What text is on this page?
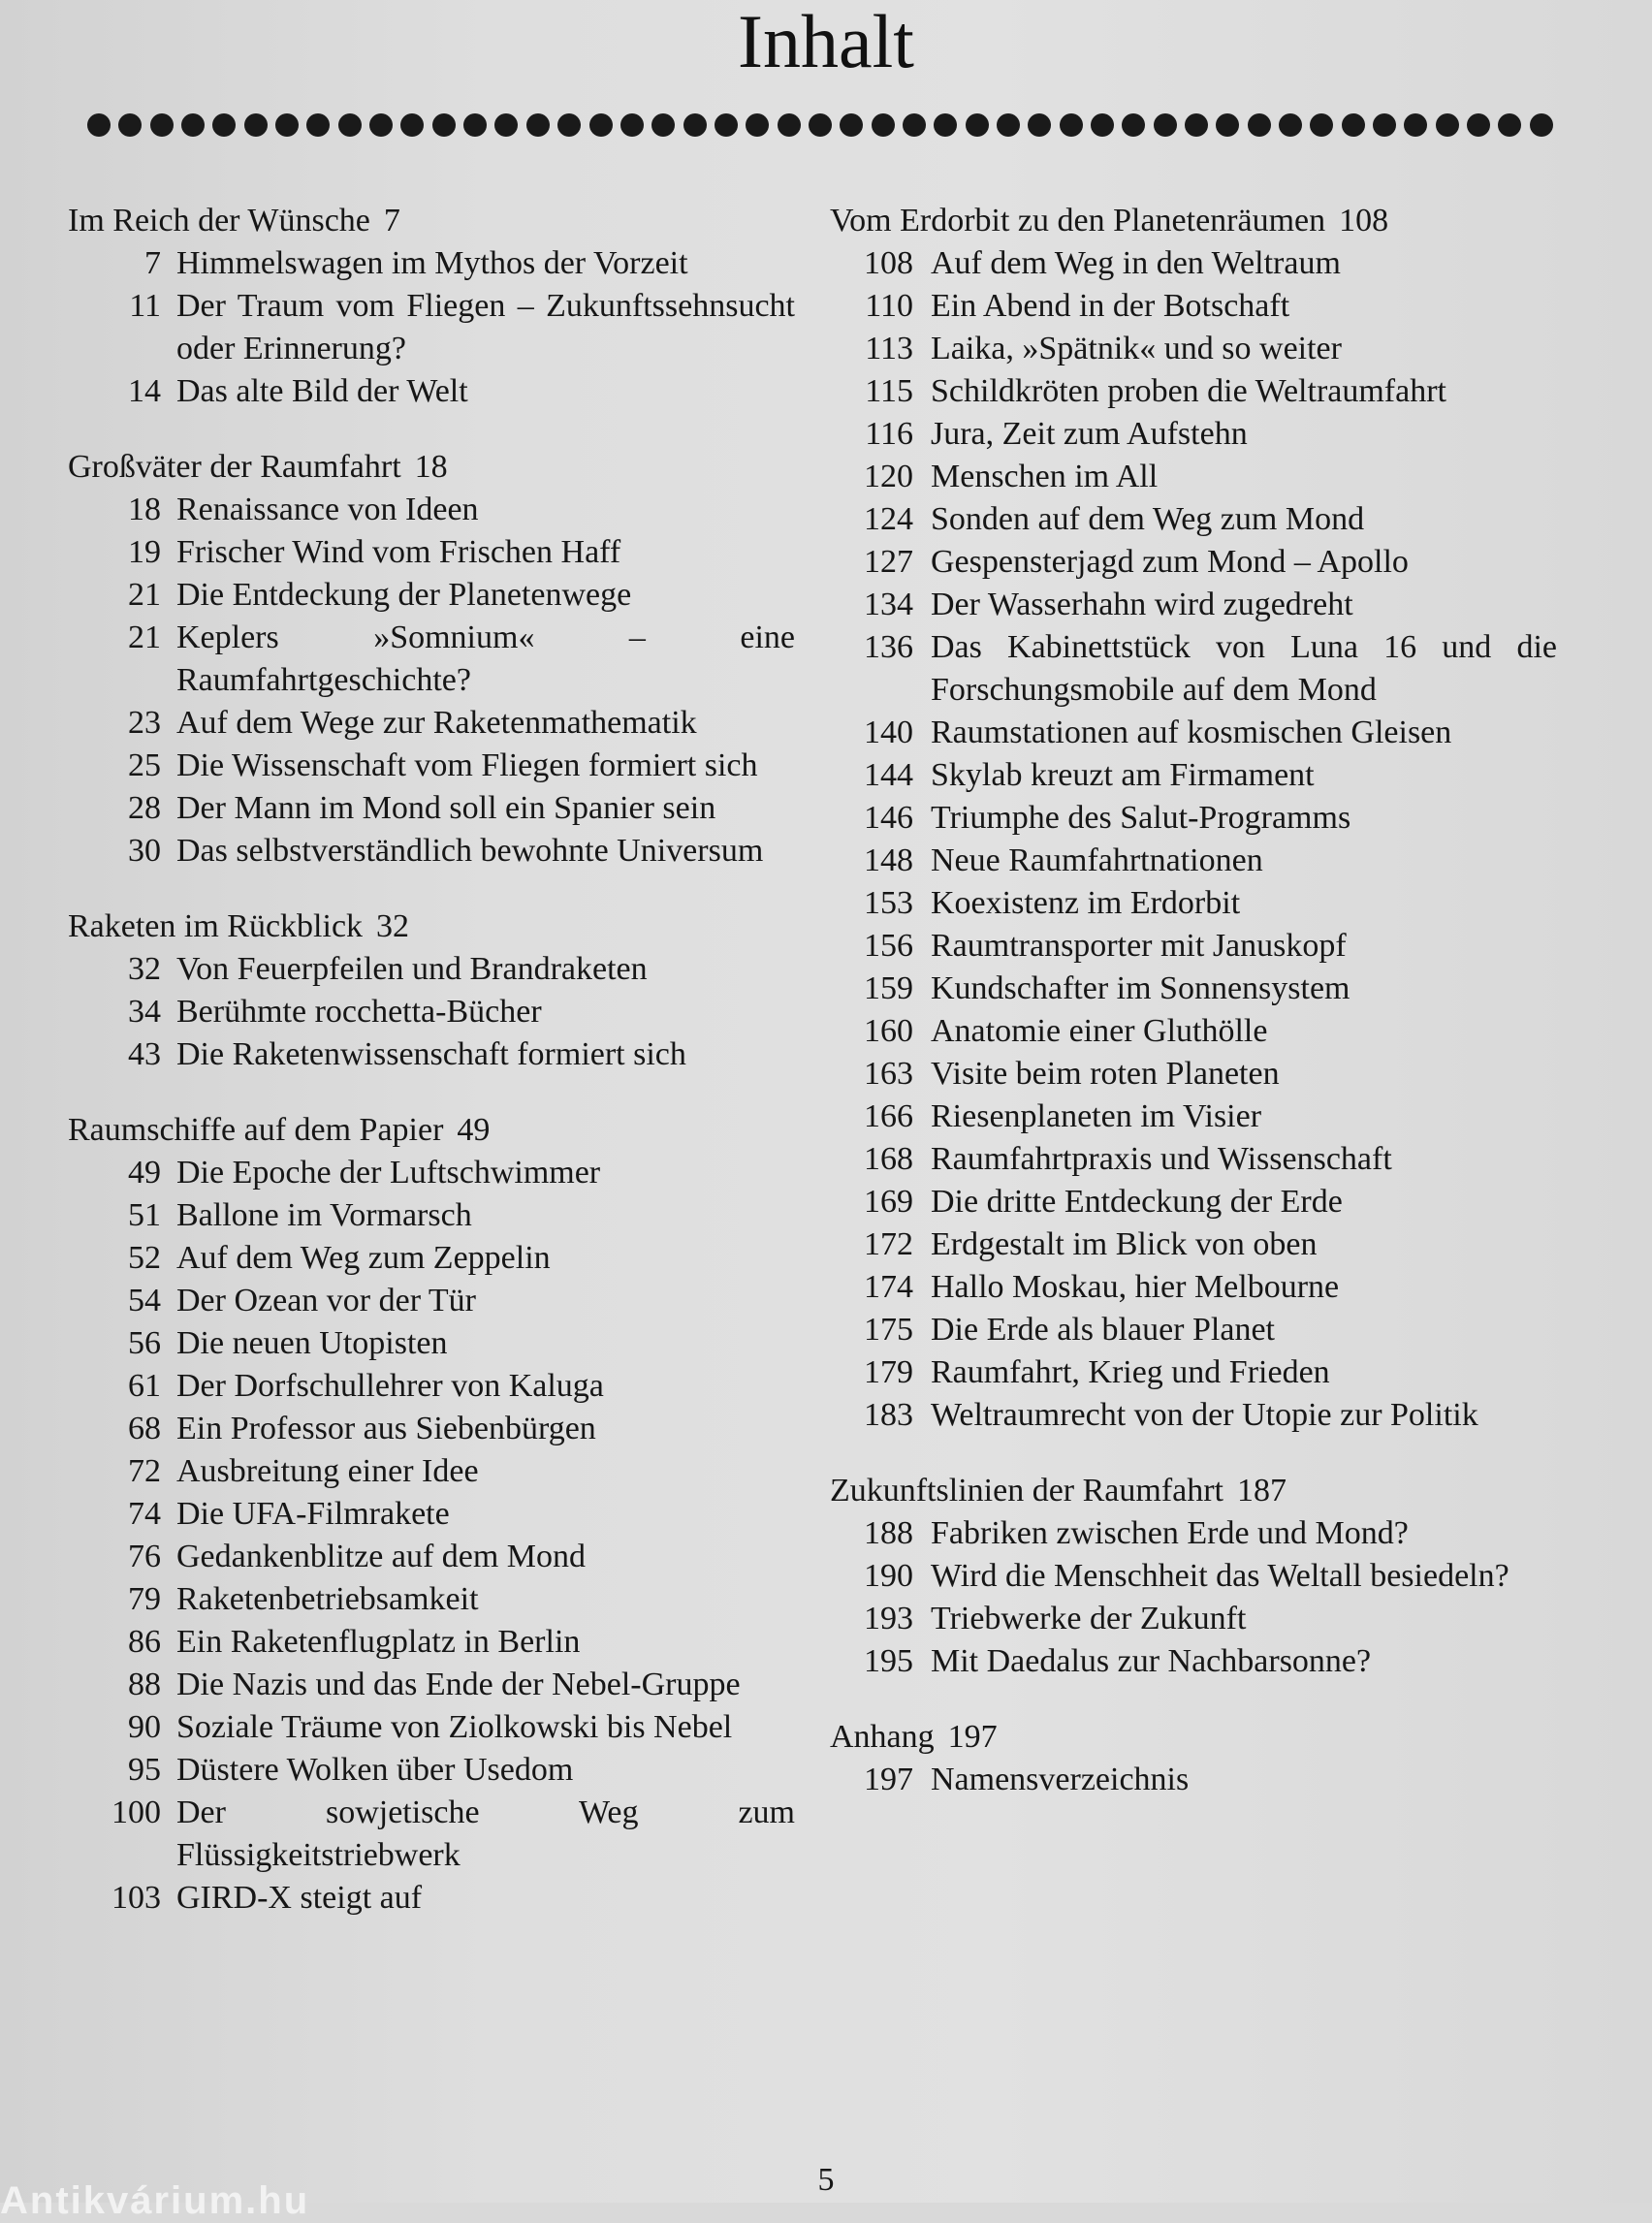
Inhalt
Im Reich der Wünsche 7
7 Himmelswagen im Mythos der Vorzeit
11 Der Traum vom Fliegen – Zukunftssehnsucht oder Erinnerung?
14 Das alte Bild der Welt
Großväter der Raumfahrt 18
18 Renaissance von Ideen
19 Frischer Wind vom Frischen Haff
21 Die Entdeckung der Planetenwege
21 Keplers »Somnium« – eine Raumfahrtgeschichte?
23 Auf dem Wege zur Raketenmathematik
25 Die Wissenschaft vom Fliegen formiert sich
28 Der Mann im Mond soll ein Spanier sein
30 Das selbstverständlich bewohnte Universum
Raketen im Rückblick 32
32 Von Feuerpfeilen und Brandraketen
34 Berühmte rocchetta-Bücher
43 Die Raketenwissenschaft formiert sich
Raumschiffe auf dem Papier 49
49 Die Epoche der Luftschwimmer
51 Ballone im Vormarsch
52 Auf dem Weg zum Zeppelin
54 Der Ozean vor der Tür
56 Die neuen Utopisten
61 Der Dorfschullehrer von Kaluga
68 Ein Professor aus Siebenbürgen
72 Ausbreitung einer Idee
74 Die UFA-Filmrakete
76 Gedankenblitze auf dem Mond
79 Raketenbetriebsamkeit
86 Ein Raketenflugplatz in Berlin
88 Die Nazis und das Ende der Nebel-Gruppe
90 Soziale Träume von Ziolkowski bis Nebel
95 Düstere Wolken über Usedom
100 Der sowjetische Weg zum Flüssigkeitstriebwerk
103 GIRD-X steigt auf
Vom Erdorbit zu den Planetenräumen 108
108 Auf dem Weg in den Weltraum
110 Ein Abend in der Botschaft
113 Laika, »Spätnik« und so weiter
115 Schildkröten proben die Weltraumfahrt
116 Jura, Zeit zum Aufstehn
120 Menschen im All
124 Sonden auf dem Weg zum Mond
127 Gespensterjagd zum Mond – Apollo
134 Der Wasserhahn wird zugedreht
136 Das Kabinettstück von Luna 16 und die Forschungsmobile auf dem Mond
140 Raumstationen auf kosmischen Gleisen
144 Skylab kreuzt am Firmament
146 Triumphe des Salut-Programms
148 Neue Raumfahrtnationen
153 Koexistenz im Erdorbit
156 Raumtransporter mit Januskopf
159 Kundschafter im Sonnensystem
160 Anatomie einer Gluthölle
163 Visite beim roten Planeten
166 Riesenplaneten im Visier
168 Raumfahrtpraxis und Wissenschaft
169 Die dritte Entdeckung der Erde
172 Erdgestalt im Blick von oben
174 Hallo Moskau, hier Melbourne
175 Die Erde als blauer Planet
179 Raumfahrt, Krieg und Frieden
183 Weltraumrecht von der Utopie zur Politik
Zukunftslinien der Raumfahrt 187
188 Fabriken zwischen Erde und Mond?
190 Wird die Menschheit das Weltall besiedeln?
193 Triebwerke der Zukunft
195 Mit Daedalus zur Nachbarsonne?
Anhang 197
197 Namensverzeichnis
5
Antikvárium.hu
